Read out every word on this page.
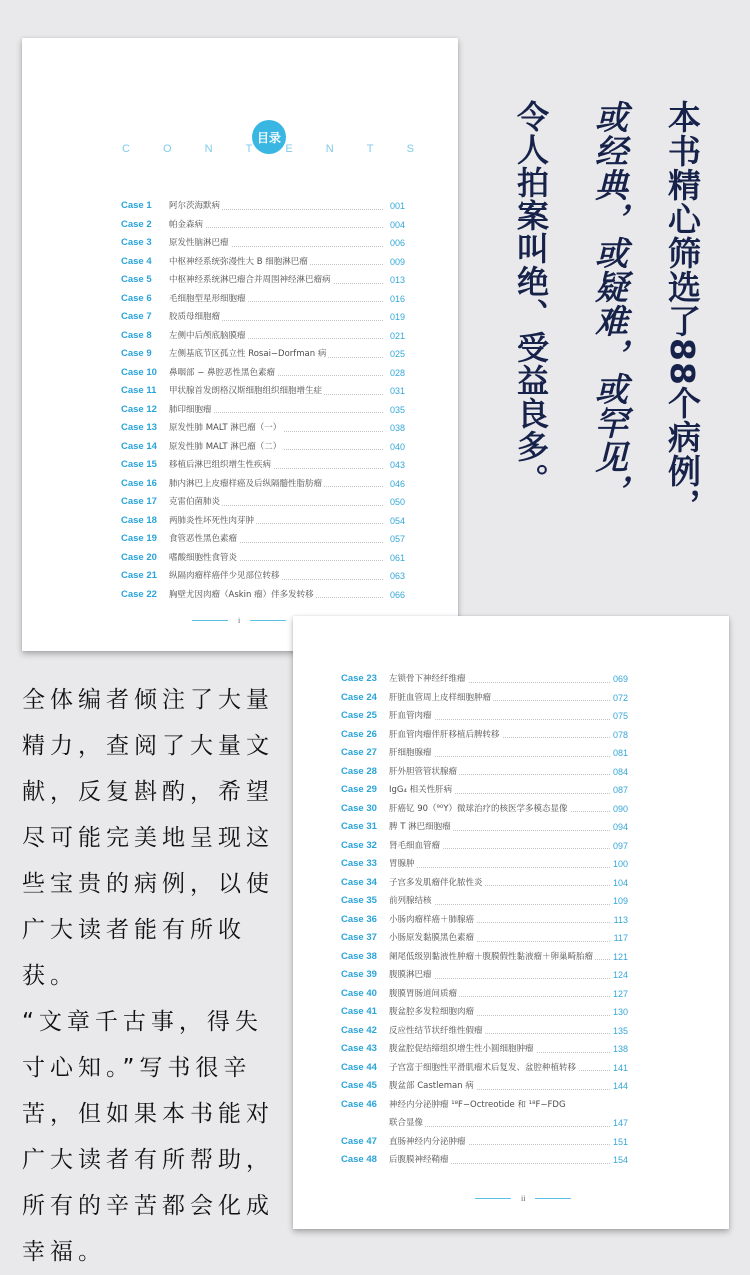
目录
C	O	N	T	E	N	T	S
Case 1 阿尔茨海默病	001
Case 2 帕金森病	004
Case 3 原发性脑淋巴瘤	006
Case 4 中枢神经系统弥漫性大 B 细胞淋巴瘤	009
Case 5 中枢神经系统淋巴瘤合并周围神经淋巴瘤病	013
Case 6 毛细胞型星形细胞瘤	016
Case 7 胶质母细胞瘤	019
Case 8 左侧中后颅底脑膜瘤	021
Case 9 左侧基底节区孤立性 Rosai−Dorfman 病	025
Case 10 鼻咽部 − 鼻腔恶性黑色素瘤	028
Case 11 甲状腺首发朗格汉斯细胞组织细胞增生症	031
Case 12 肺印细胞瘤	035
Case 13 原发性肺 MALT 淋巴瘤（一）	038
Case 14 原发性肺 MALT 淋巴瘤（二）	040
Case 15 移植后淋巴组织增生性疾病	043
Case 16 肺内淋巴上皮瘤样癌及后纵隔髓性脂肪瘤	046
Case 17 克雷伯菌肺炎	050
Case 18 两肺炎性坏死性肉芽肿	054
Case 19 食管恶性黑色素瘤	057
Case 20 嗜酸细胞性食管炎	061
Case 21 纵隔肉瘤样癌伴少见部位转移	063
Case 22 胸壁尤因肉瘤（Askin 瘤）伴多发转移	066
i
Case 23 左锁骨下神经纤维瘤	069
Case 24 肝脏血管周上皮样细胞肿瘤	072
Case 25 肝血管肉瘤	075
Case 26 肝血管肉瘤伴肝移植后脾转移	078
Case 27 肝细胞腺瘤	081
Case 28 肝外胆管管状腺瘤	084
Case 29 IgG₄ 相关性肝病	087
Case 30 肝癌钇 90（⁹⁰Y）微球治疗的核医学多模态显像	090
Case 31 脾 T 淋巴细胞瘤	094
Case 32 肾毛细血管瘤	097
Case 33 胃腺肿	100
Case 34 子宫多发肌瘤伴化脓性炎	104
Case 35 前列腺结核	109
Case 36 小肠肉瘤样癌＋肺腺癌	113
Case 37 小肠原发黏膜黑色素瘤	117
Case 38 阑尾低级别黏液性肿瘤＋腹膜假性黏液瘤＋卵巢畸胎瘤 121
Case 39 腹膜淋巴瘤	124
Case 40 腹膜胃肠道间质瘤	127
Case 41 腹盆腔多发粒细胞肉瘤	130
Case 42 反应性结节状纤维性假瘤	135
Case 43 腹盆腔促结缔组织增生性小圆细胞肿瘤	138
Case 44 子宫富于细胞性平滑肌瘤术后复发、盆腔种植转移	141
Case 45 腹盆部 Castleman 病	144
Case 46 神经内分泌肿瘤 ¹⁸F−Octreotide 和 ¹⁸F−FDG
联合显像	147
Case 47 直肠神经内分泌肿瘤	151
Case 48 后腹膜神经鞘瘤	154
ii
本书精心筛选了88个病例，
或经典，或疑难，或罕见，
令人拍案叫绝、受益良多。

全体编者倾注了大量精力，查阅了大量文献，反复斟酌，希望尽可能完美地呈现这些宝贵的病例，以使广大读者能有所收获。

“文章千古事，得失寸心知。”写书很辛苦，但如果本书能对广大读者有所帮助，所有的辛苦都会化成幸福。
